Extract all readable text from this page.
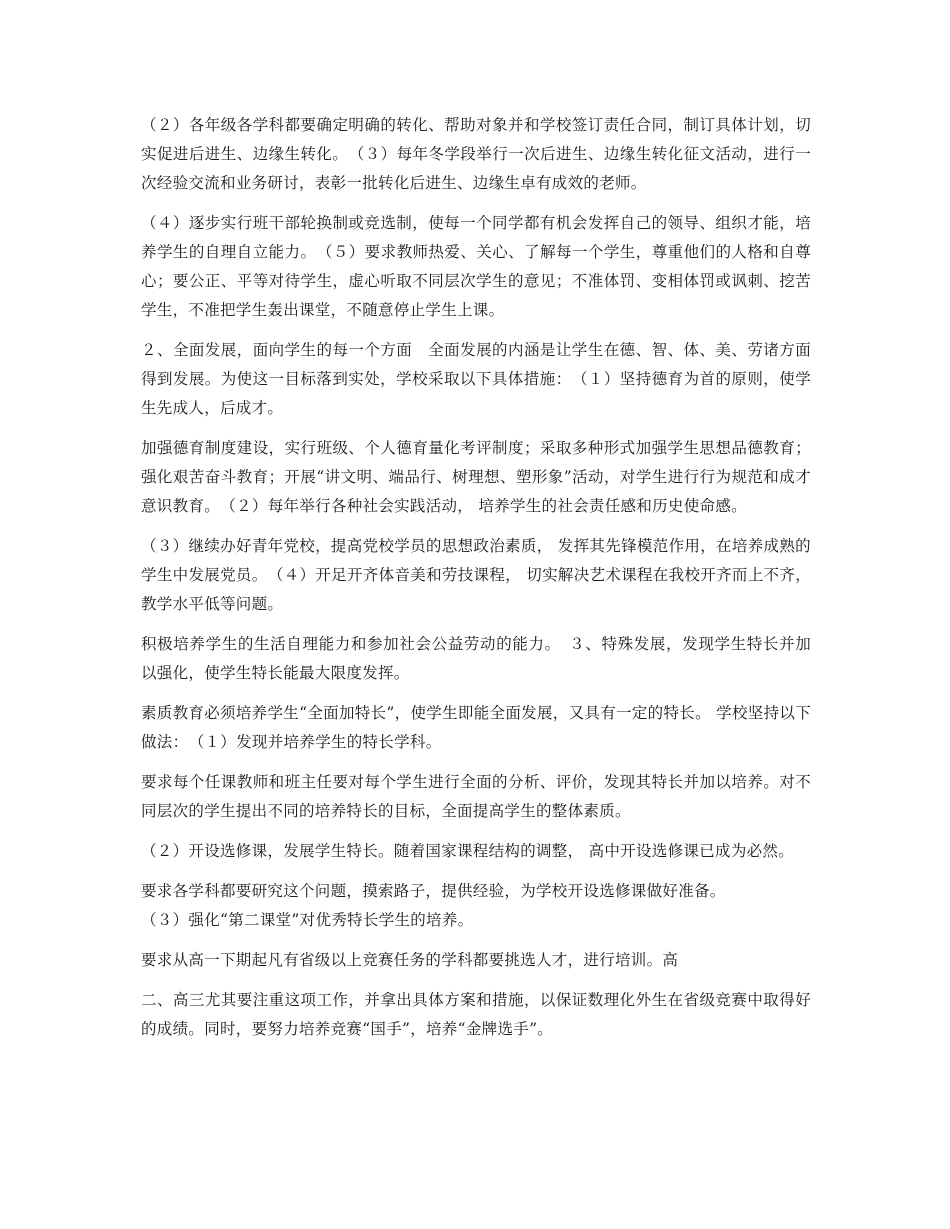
（２）各年级各学科都要确定明确的转化、帮助对象并和学校签订责任合同，制订具体计划，切实促进后进生、边缘生转化。　（３）每年冬学段举行一次后进生、边缘生转化征文活动，进行一次经验交流和业务研讨，表彰一批转化后进生、边缘生卓有成效的老师。

（４）逐步实行班干部轮换制或竞选制，使每一个同学都有机会发挥自己的领导、组织才能，培养学生的自理自立能力。　（５）要求教师热爱、关心、了解每一个学生，尊重他们的人格和自尊心；要公正、平等对待学生，虚心听取不同层次学生的意见；不准体罚、变相体罚或讽刺、挖苦学生，不准把学生轰出课堂，不随意停止学生上课。

２、全面发展，面向学生的每一个方面　全面发展的内涵是让学生在德、智、体、美、劳诸方面得到发展。为使这一目标落到实处，学校采取以下具体措施：　（１）坚持德育为首的原则，使学生先成人，后成才。

加强德育制度建设，实行班级、个人德育量化考评制度；采取多种形式加强学生思想品德教育；强化艰苦奋斗教育；开展“讲文明、端品行、树理想、塑形象”活动，对学生进行行为规范和成才意识教育。　（２）每年举行各种社会实践活动， 培养学生的社会责任感和历史使命感。

（３）继续办好青年党校，提高党校学员的思想政治素质， 发挥其先锋模范作用，在培养成熟的学生中发展党员。　（４）开足开齐体音美和劳技课程， 切实解决艺术课程在我校开齐而上不齐，教学水平低等问题。

积极培养学生的生活自理能力和参加社会公益劳动的能力。　３、特殊发展，发现学生特长并加以强化，使学生特长能最大限度发挥。

素质教育必须培养学生“全面加特长”，使学生即能全面发展，又具有一定的特长。 学校坚持以下做法：　（１）发现并培养学生的特长学科。

要求每个任课教师和班主任要对每个学生进行全面的分析、评价，发现其特长并加以培养。对不同层次的学生提出不同的培养特长的目标，全面提高学生的整体素质。

（２）开设选修课，发展学生特长。随着国家课程结构的调整， 高中开设选修课已成为必然。

要求各学科都要研究这个问题，摸索路子，提供经验，为学校开设选修课做好准备。

（３）强化“第二课堂”对优秀特长学生的培养。

要求从高一下期起凡有省级以上竞赛任务的学科都要挑选人才，进行培训。高

二、高三尤其要注重这项工作，并拿出具体方案和措施，以保证数理化外生在省级竞赛中取得好的成绩。同时，要努力培养竞赛“国手”，培养“金牌选手”。
